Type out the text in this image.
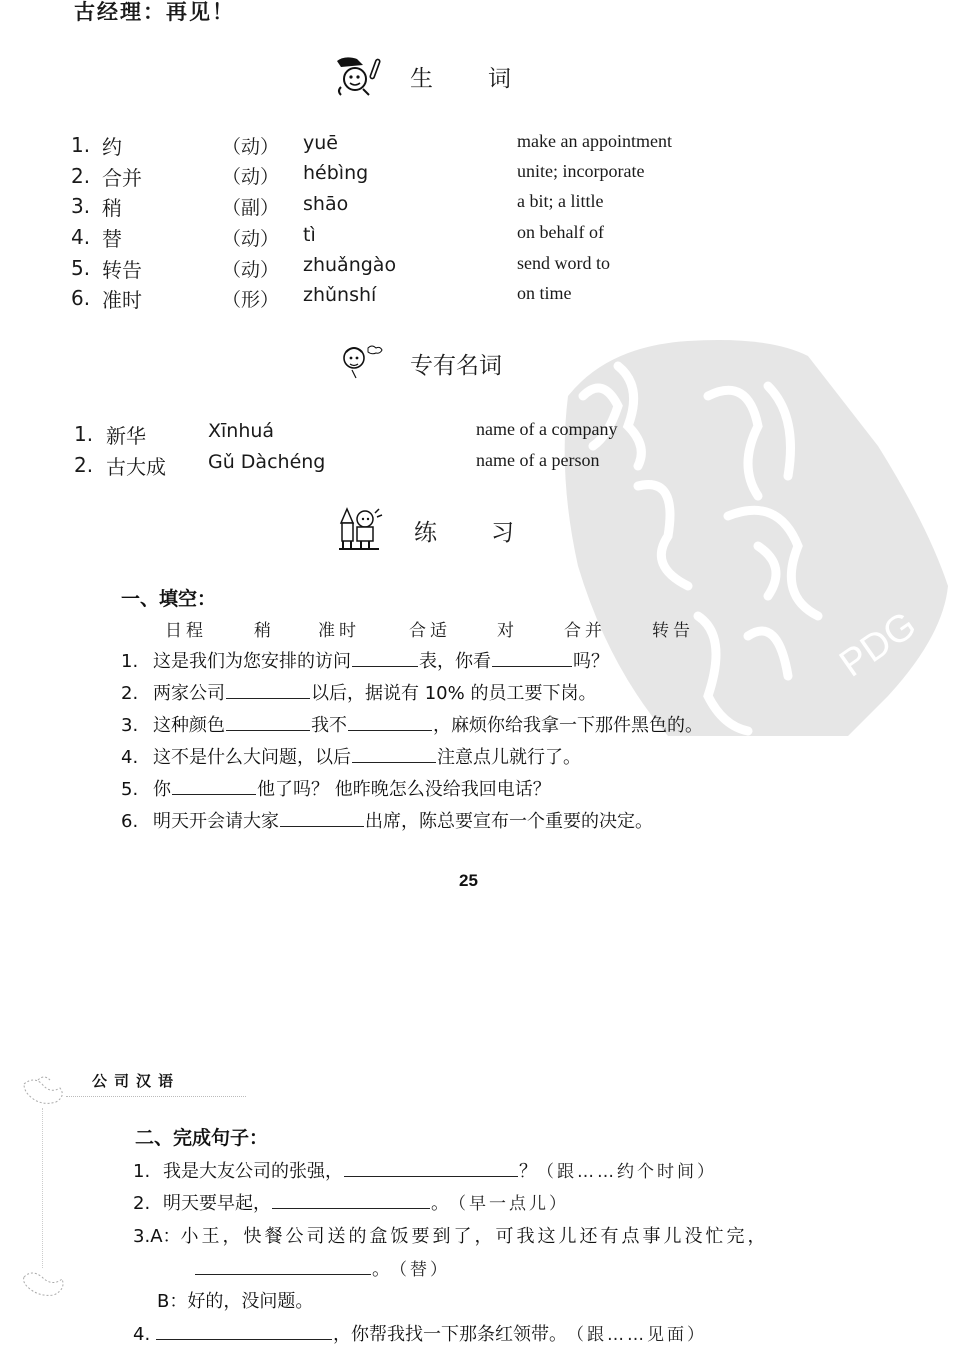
PDG
古经理：再见！
生 词
1. 约	（动） yuē	make an appointment
2. 合并	（动） hébìng	unite; incorporate
3. 稍	（副） shāo	a bit; a little
4. 替	（动） tì	on behalf of
5. 转告	（动） zhuǎngào	send word to
6. 准时	（形） zhǔnshí	on time
专有名词
1. 新华	Xīnhuá	name of a company
2. 古大成 Gǔ Dàchéng	name of a person
练 习
一、填空：
日程	稍	准时	合适	对	合并	转告
1. 这是我们为您安排的访问	表，你看	吗？
2. 两家公司	以后，据说有 10% 的员工要下岗。
3. 这种颜色	我不	，麻烦你给我拿一下那件黑色的。
4. 这不是什么大问题，以后	注意点儿就行了。
5. 你	他了吗？ 他昨晚怎么没给我回电话？
6. 明天开会请大家	出席，陈总要宣布一个重要的决定。
25
公司汉语
二、完成句子：
1. 我是大友公司的张强，	？ （跟……约个时间）
2. 明天要早起，	。 （早一点儿）
3. A： 小王，快餐公司送的盒饭要到了，可我这儿还有点事儿没忙完，
。 （替）
B： 好的，没问题。
4.	，你帮我找一下那条红领带。 （跟……见面）
